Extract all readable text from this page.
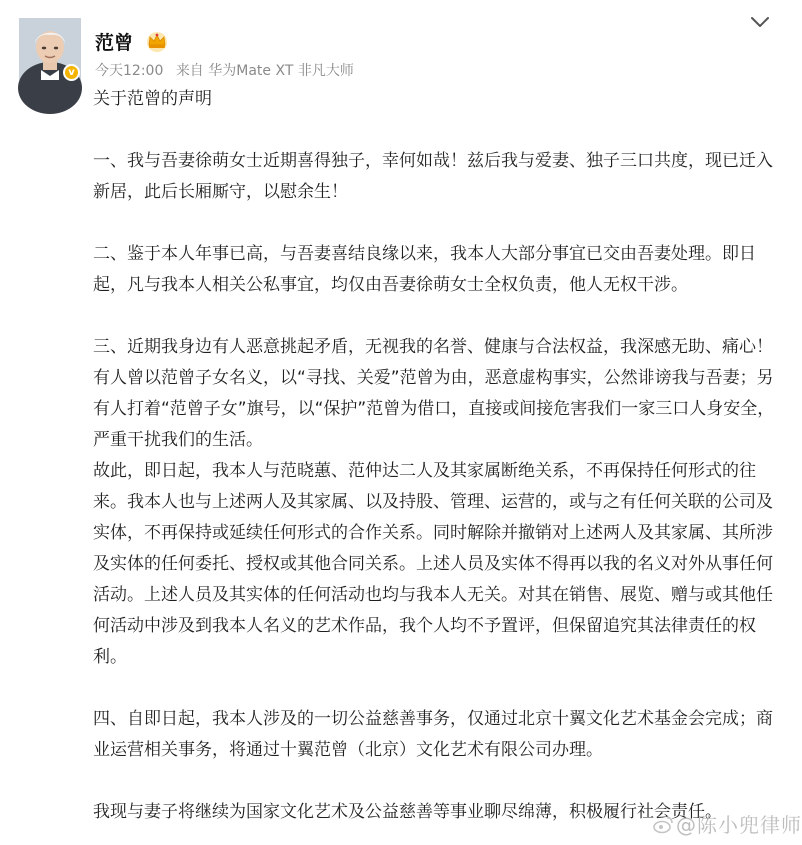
v
范曾
今天12:00 来自 华为Mate XT 非凡大师

关于范曾的声明

一、我与吾妻徐萌女士近期喜得独子，幸何如哉！兹后我与爱妻、独子三口共度，现已迁入新居，此后长厢厮守，以慰余生！

二、鉴于本人年事已高，与吾妻喜结良缘以来，我本人大部分事宜已交由吾妻处理。即日起，凡与我本人相关公私事宜，均仅由吾妻徐萌女士全权负责，他人无权干涉。

三、近期我身边有人恶意挑起矛盾，无视我的名誉、健康与合法权益，我深感无助、痛心！有人曾以范曾子女名义，以“寻找、关爱”范曾为由，恶意虚构事实，公然诽谤我与吾妻；另有人打着“范曾子女”旗号，以“保护”范曾为借口，直接或间接危害我们一家三口人身安全，严重干扰我们的生活。

故此，即日起，我本人与范晓蕙、范仲达二人及其家属断绝关系，不再保持任何形式的往来。我本人也与上述两人及其家属、以及持股、管理、运营的，或与之有任何关联的公司及实体，不再保持或延续任何形式的合作关系。同时解除并撤销对上述两人及其家属、其所涉及实体的任何委托、授权或其他合同关系。上述人员及实体不得再以我的名义对外从事任何活动。上述人员及其实体的任何活动也均与我本人无关。对其在销售、展览、赠与或其他任何活动中涉及到我本人名义的艺术作品，我个人均不予置评，但保留追究其法律责任的权利。

四、自即日起，我本人涉及的一切公益慈善事务，仅通过北京十翼文化艺术基金会完成；商业运营相关事务，将通过十翼范曾（北京）文化艺术有限公司办理。

我现与妻子将继续为国家文化艺术及公益慈善等事业聊尽绵薄，积极履行社会责任。

@陈小兜律师
